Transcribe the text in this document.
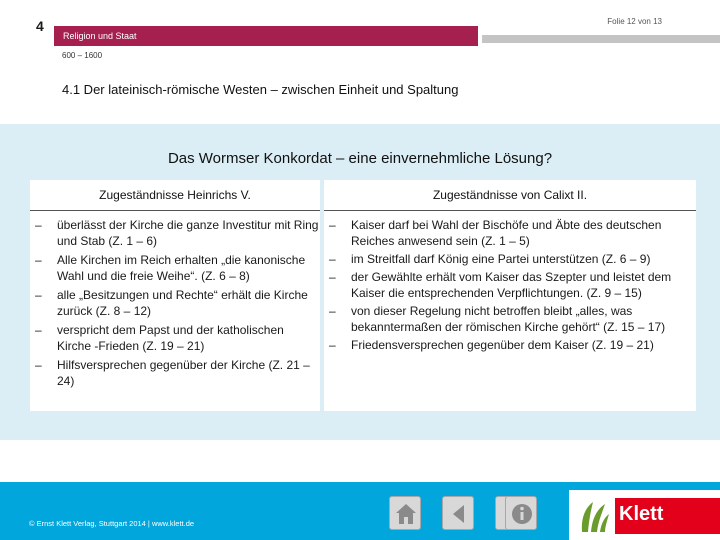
4	Folie 12 von 13
Religion und Staat
600 – 1600
4.1 Der lateinisch-römische Westen – zwischen Einheit und Spaltung
Das Wormser Konkordat – eine einvernehmliche Lösung?
Zugeständnisse Heinrichs V.	Zugeständnisse von Calixt II.
– überlässt der Kirche die ganze Investitur mit Ring und Stab (Z. 1 – 6)
– Alle Kirchen im Reich erhalten „die kanonische Wahl und die freie Weihe“. (Z. 6 – 8)
– alle „Besitzungen und Rechte“ erhält die Kirche zurück (Z. 8 – 12)
– verspricht dem Papst und der katholischen Kirche -Frieden (Z. 19 – 21)
– Hilfsversprechen gegenüber der Kirche (Z. 21 – 24)
– Kaiser darf bei Wahl der Bischöfe und Äbte des deutschen Reiches anwesend sein (Z. 1 – 5)
– im Streitfall darf König eine Partei unterstützen (Z. 6 – 9)
– der Gewählte erhält vom Kaiser das Szepter und leistet dem Kaiser die entsprechenden Verpflichtungen. (Z. 9 – 15)
– von dieser Regelung nicht betroffen bleibt „alles, was bekanntermaßen der römischen Kirche gehört“ (Z. 15 – 17)
– Friedensversprechen gegenüber dem Kaiser (Z. 19 – 21)
© Ernst Klett Verlag, Stuttgart 2014 | www.klett.de	Klett
